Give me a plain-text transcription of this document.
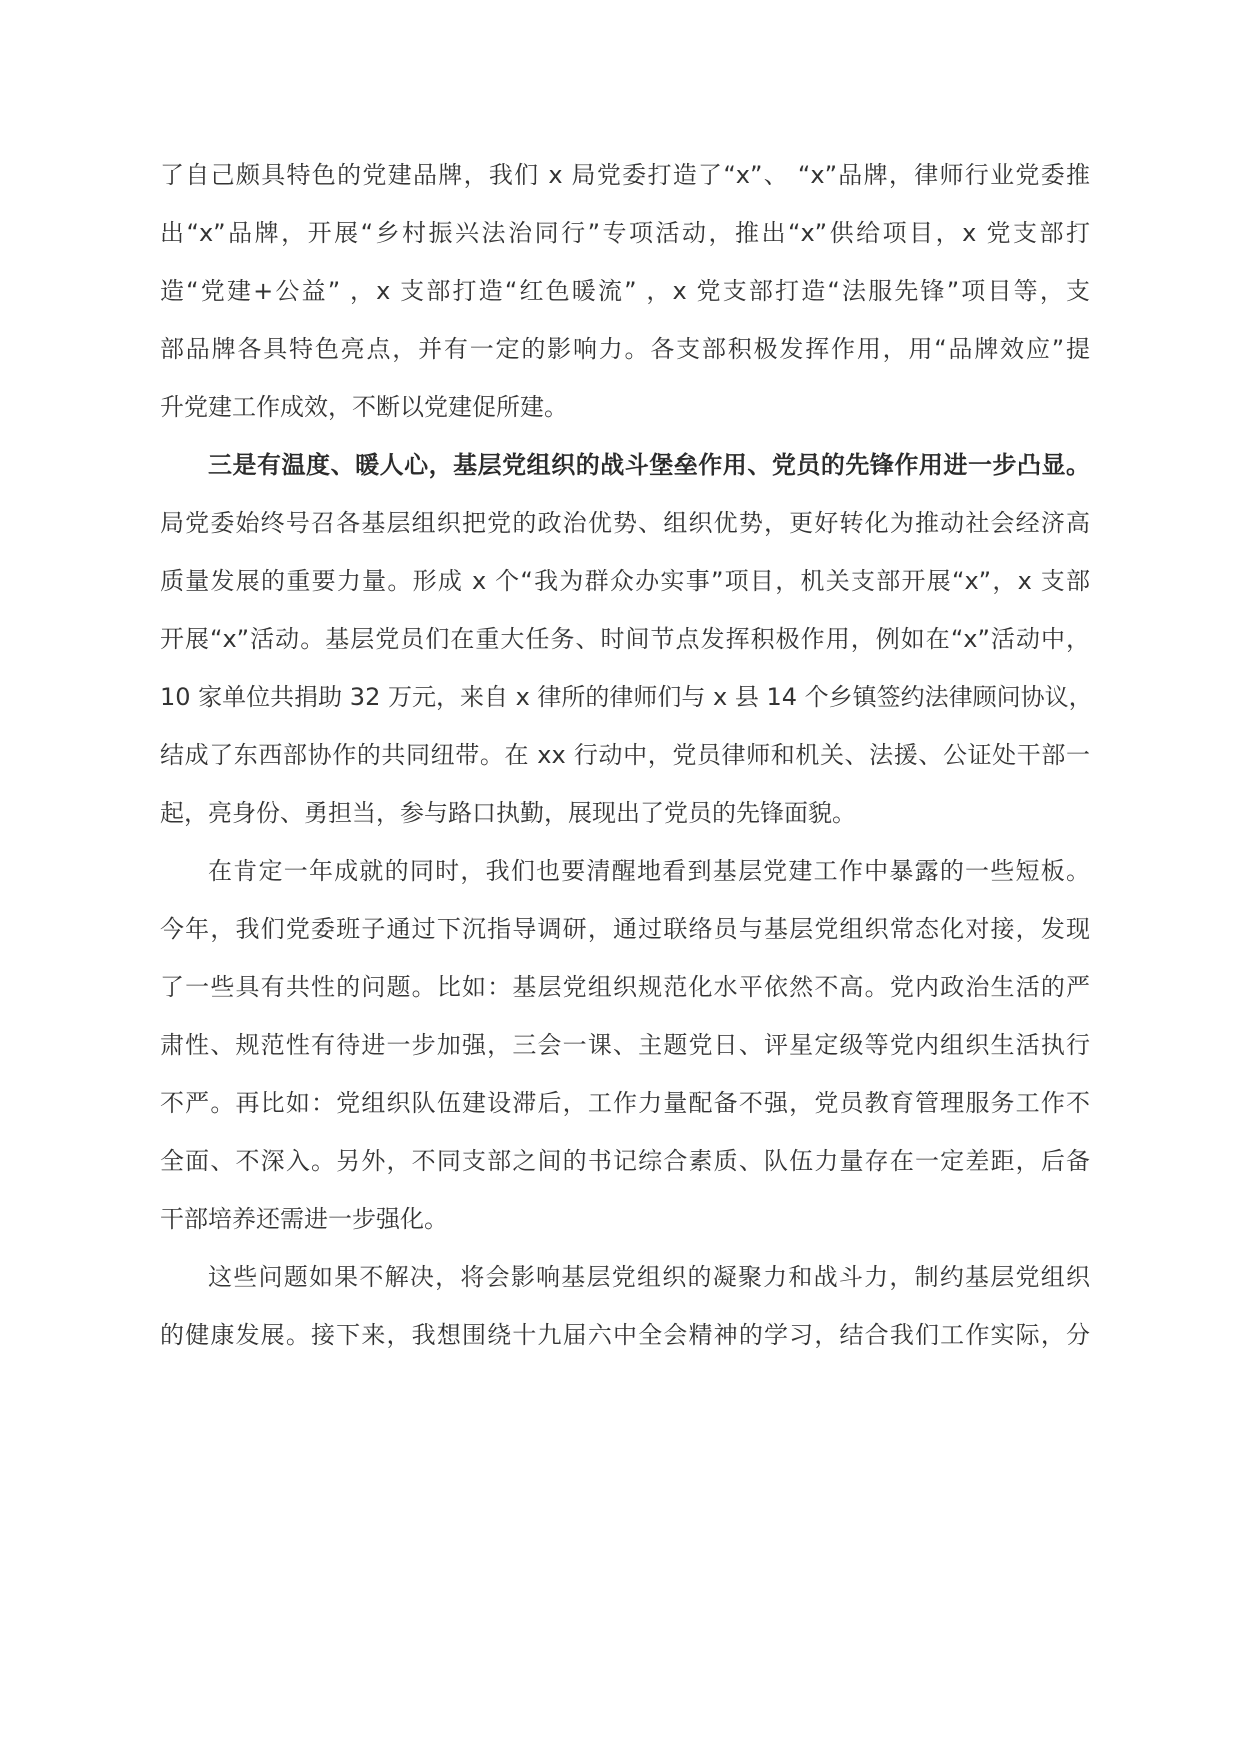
了自己颇具特色的党建品牌，我们 x 局党委打造了“x”、 “x”品牌，律师行业党委推
出“x”品牌，开展“乡村振兴法治同行”专项活动，推出“x”供给项目，x 党支部打
造“党建+公益” ，x 支部打造“红色暖流” ，x 党支部打造“法服先锋”项目等，支
部品牌各具特色亮点，并有一定的影响力。各支部积极发挥作用，用“品牌效应”提
升党建工作成效，不断以党建促所建。
三是有温度、暖人心，基层党组织的战斗堡垒作用、党员的先锋作用进一步凸显。
局党委始终号召各基层组织把党的政治优势、组织优势，更好转化为推动社会经济高
质量发展的重要力量。形成 x 个“我为群众办实事”项目，机关支部开展“x”，x 支部
开展“x”活动。基层党员们在重大任务、时间节点发挥积极作用，例如在“x”活动中，
10 家单位共捐助 32 万元，来自 x 律所的律师们与 x 县 14 个乡镇签约法律顾问协议，
结成了东西部协作的共同纽带。在 xx 行动中，党员律师和机关、法援、公证处干部一
起，亮身份、勇担当，参与路口执勤，展现出了党员的先锋面貌。
在肯定一年成就的同时，我们也要清醒地看到基层党建工作中暴露的一些短板。
今年，我们党委班子通过下沉指导调研，通过联络员与基层党组织常态化对接，发现
了一些具有共性的问题。比如：基层党组织规范化水平依然不高。党内政治生活的严
肃性、规范性有待进一步加强，三会一课、主题党日、评星定级等党内组织生活执行
不严。再比如：党组织队伍建设滞后，工作力量配备不强，党员教育管理服务工作不
全面、不深入。另外，不同支部之间的书记综合素质、队伍力量存在一定差距，后备
干部培养还需进一步强化。
这些问题如果不解决，将会影响基层党组织的凝聚力和战斗力，制约基层党组织
的健康发展。接下来，我想围绕十九届六中全会精神的学习，结合我们工作实际，分
